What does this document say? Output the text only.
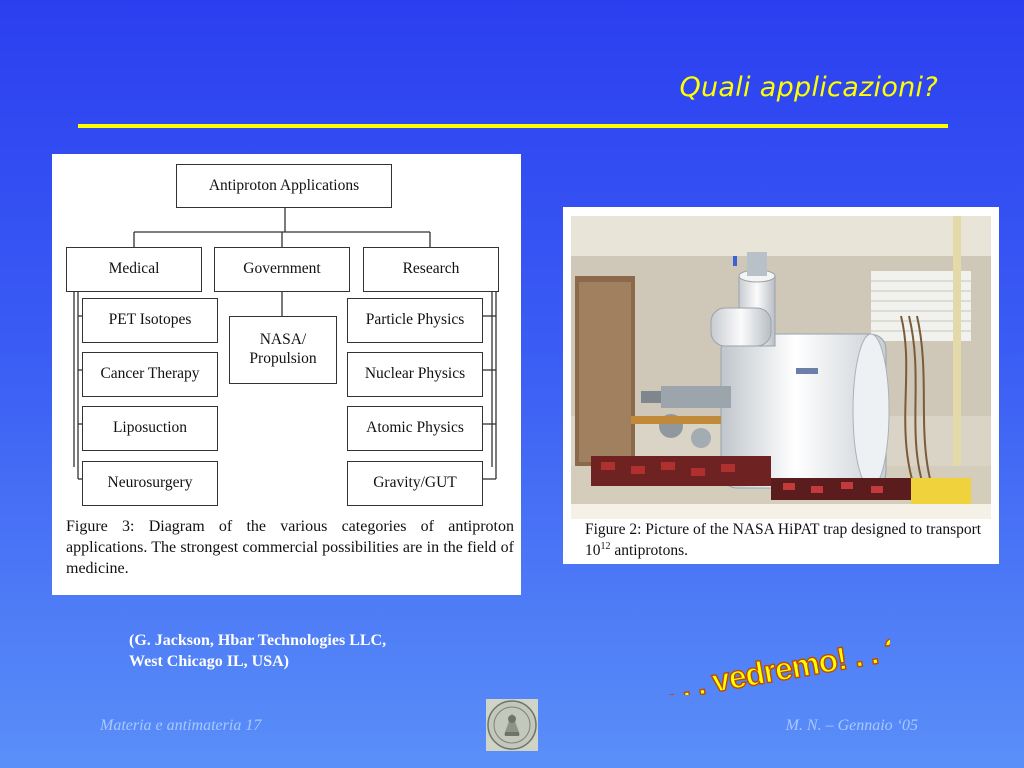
Quali applicazioni?
Antiproton Applications
Medical	Government	Research
PET Isotopes
Cancer Therapy
Liposuction
Neurosurgery
NASA/
Propulsion
Particle Physics
Nuclear Physics
Atomic Physics
Gravity/GUT
Figure 3: Diagram of the various categories of antiproton applications. The strongest commercial possibilities are in the field of medicine.
Figure 2: Picture of the NASA HiPAT trap designed to transport $10^{12}$ antiprotons.
(G. Jackson, Hbar Technologies LLC,
West Chicago IL, USA)	. . . vedremo! . . ?
Materia e antimateria 17	M. N. – Gennaio ‘05
